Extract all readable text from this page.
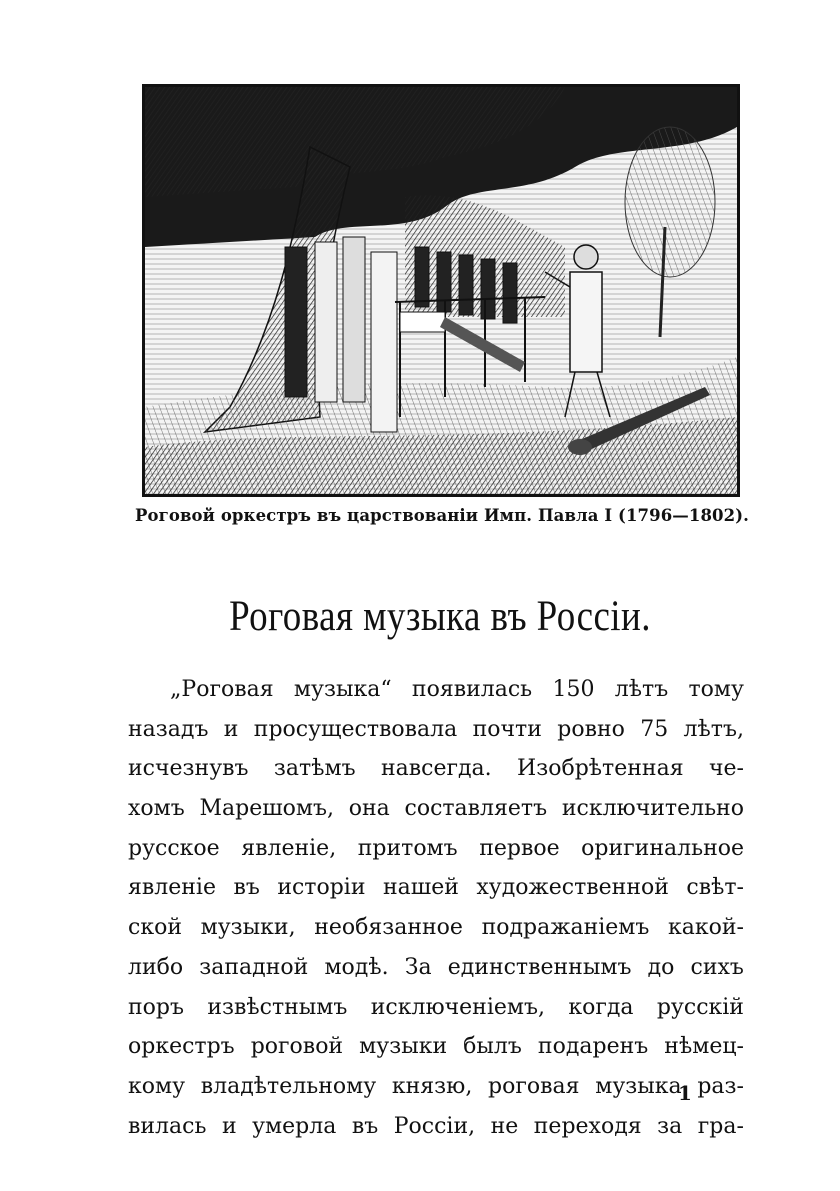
Роговой оркестръ въ царствованіи Имп. Павла I (1796—1802).
Роговая музыка въ Россіи.
„Роговая музыка“ появилась 150 лѣтъ тому
назадъ и просуществовала почти ровно 75 лѣтъ,
исчезнувъ затѣмъ навсегда. Изобрѣтенная че-
хомъ Марешомъ, она составляетъ исключительно
русское явленіе, притомъ первое оригинальное
явленіе въ исторіи нашей художественной свѣт-
ской музыки, необязанное подражаніемъ какой-
либо западной модѣ. За единственнымъ до сихъ
поръ извѣстнымъ исключеніемъ, когда русскій
оркестръ роговой музыки былъ подаренъ нѣмец-
кому владѣтельному князю, роговая музыка раз-
вилась и умерла въ Россіи, не переходя за гра-
1
